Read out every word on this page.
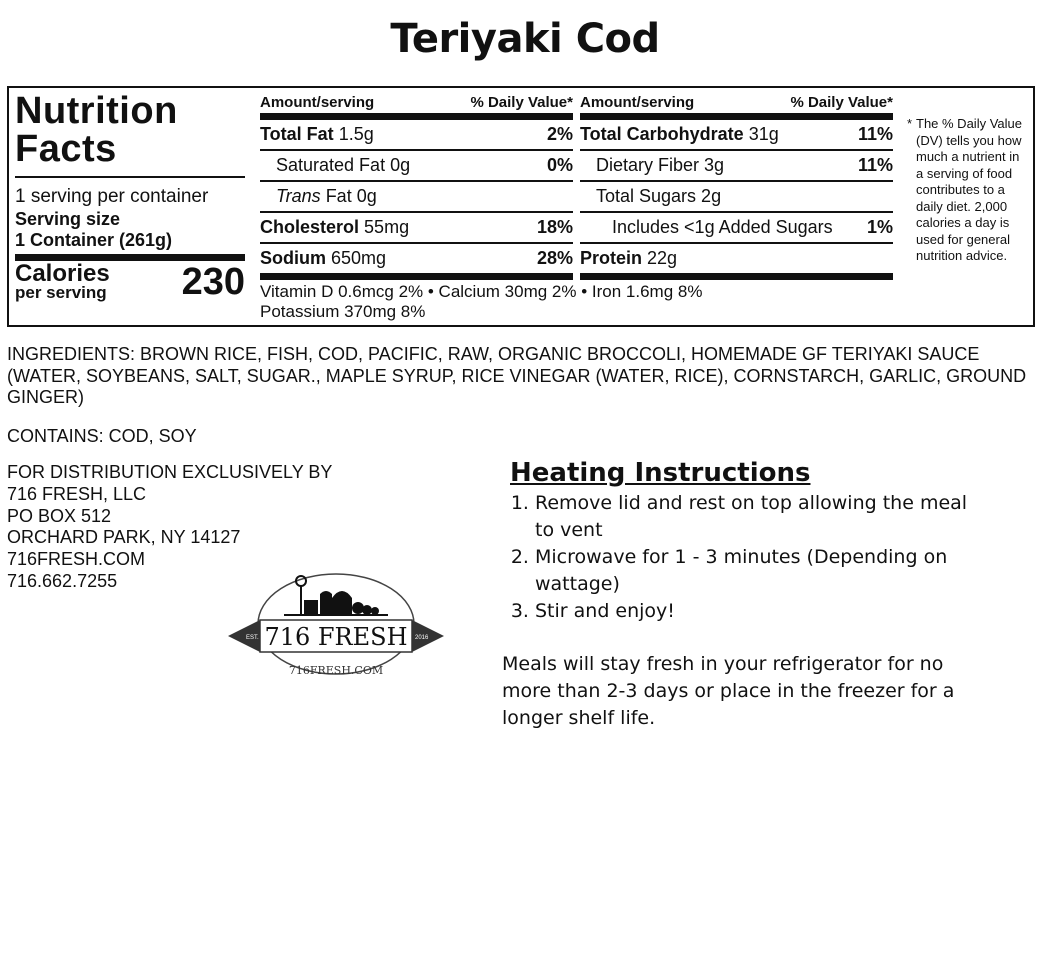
Teriyaki Cod
Nutrition
Facts
1 serving per container
Serving size
1 Container (261g)
Calories
per serving 230
Amount/serving	% Daily Value*
Total Fat 1.5g	2%
Saturated Fat 0g	0%
Trans Fat 0g
Cholesterol 55mg	18%
Sodium 650mg	28%
Amount/serving	% Daily Value*
Total Carbohydrate 31g	11%
Dietary Fiber 3g	11%
Total Sugars 2g
Includes <1g Added Sugars 1%
Protein 22g
Vitamin D 0.6mcg 2% • Calcium 30mg 2% • Iron 1.6mg 8%
Potassium 370mg 8%
* The % Daily Value (DV) tells you how much a nutrient in a serving of food contributes to a daily diet. 2,000 calories a day is used for general nutrition advice.
INGREDIENTS: BROWN RICE, FISH, COD, PACIFIC, RAW, ORGANIC BROCCOLI, HOMEMADE GF TERIYAKI SAUCE (WATER, SOYBEANS, SALT, SUGAR., MAPLE SYRUP, RICE VINEGAR (WATER, RICE), CORNSTARCH, GARLIC, GROUND GINGER)
CONTAINS: COD, SOY
FOR DISTRIBUTION EXCLUSIVELY BY
716 FRESH, LLC
PO BOX 512
ORCHARD PARK, NY 14127
716FRESH.COM
716.662.7255
EST.	2016
716 FRESH
716FRESH.COM
Heating Instructions
1. Remove lid and rest on top allowing the meal to vent
2. Microwave for 1 - 3 minutes (Depending on wattage)
3. Stir and enjoy!
Meals will stay fresh in your refrigerator for no more than 2-3 days or place in the freezer for a longer shelf life.
